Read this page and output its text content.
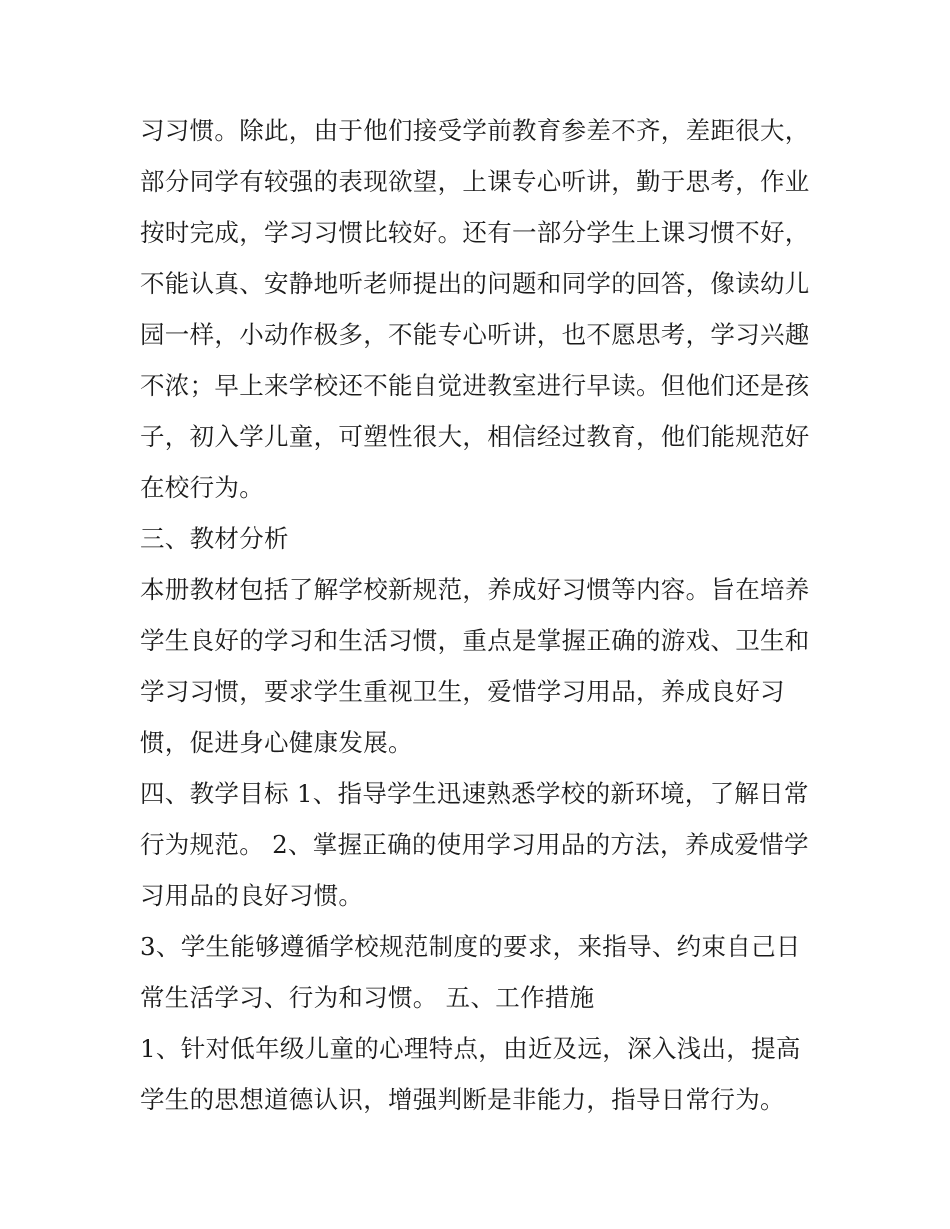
习习惯。除此，由于他们接受学前教育参差不齐，差距很大，
部分同学有较强的表现欲望，上课专心听讲，勤于思考，作业
按时完成，学习习惯比较好。还有一部分学生上课习惯不好，
不能认真、安静地听老师提出的问题和同学的回答，像读幼儿
园一样，小动作极多，不能专心听讲，也不愿思考，学习兴趣
不浓；早上来学校还不能自觉进教室进行早读。但他们还是孩
子，初入学儿童，可塑性很大，相信经过教育，他们能规范好
在校行为。
三、教材分析
本册教材包括了解学校新规范，养成好习惯等内容。旨在培养
学生良好的学习和生活习惯，重点是掌握正确的游戏、卫生和
学习习惯，要求学生重视卫生，爱惜学习用品，养成良好习
惯，促进身心健康发展。
四、教学目标 1、指导学生迅速熟悉学校的新环境，了解日常
行为规范。 2、掌握正确的使用学习用品的方法，养成爱惜学
习用品的良好习惯。
3、学生能够遵循学校规范制度的要求，来指导、约束自己日
常生活学习、行为和习惯。 五、工作措施
1、针对低年级儿童的心理特点，由近及远，深入浅出，提高
学生的思想道德认识，增强判断是非能力，指导日常行为。
